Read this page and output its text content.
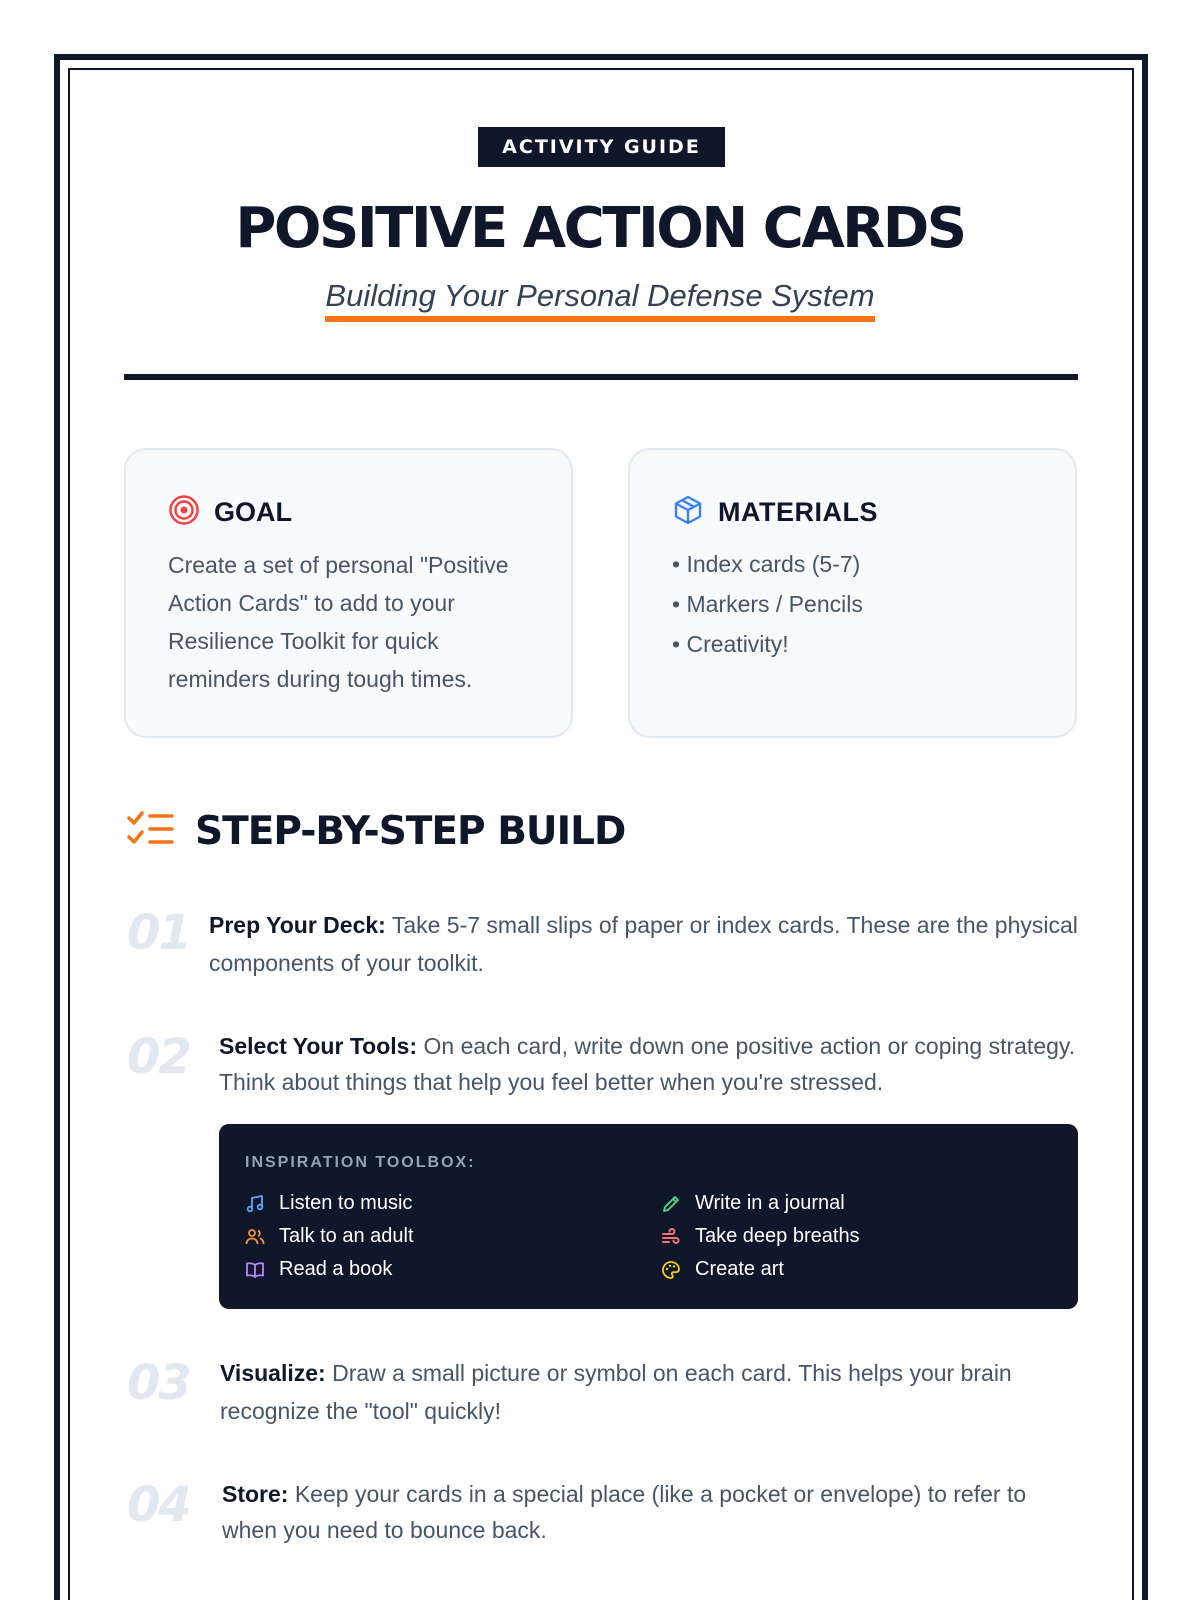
ACTIVITY GUIDE
POSITIVE ACTION CARDS
Building Your Personal Defense System
GOAL

Create a set of personal "Positive Action Cards" to add to your Resilience Toolkit for quick reminders during tough times.

MATERIALS
• Index cards (5-7)
• Markers / Pencils
• Creativity!
STEP-BY-STEP BUILD
01 Prep Your Deck: Take 5-7 small slips of paper or index cards. These are the physical components of your toolkit.
02 Select Your Tools: On each card, write down one positive action or coping strategy. Think about things that help you feel better when you're stressed.
INSPIRATION TOOLBOX:
Listen to music	Write in a journal
Talk to an adult	Take deep breaths
Read a book	Create art
03 Visualize: Draw a small picture or symbol on each card. This helps your brain recognize the "tool" quickly!
04 Store: Keep your cards in a special place (like a pocket or envelope) to refer to when you need to bounce back.
